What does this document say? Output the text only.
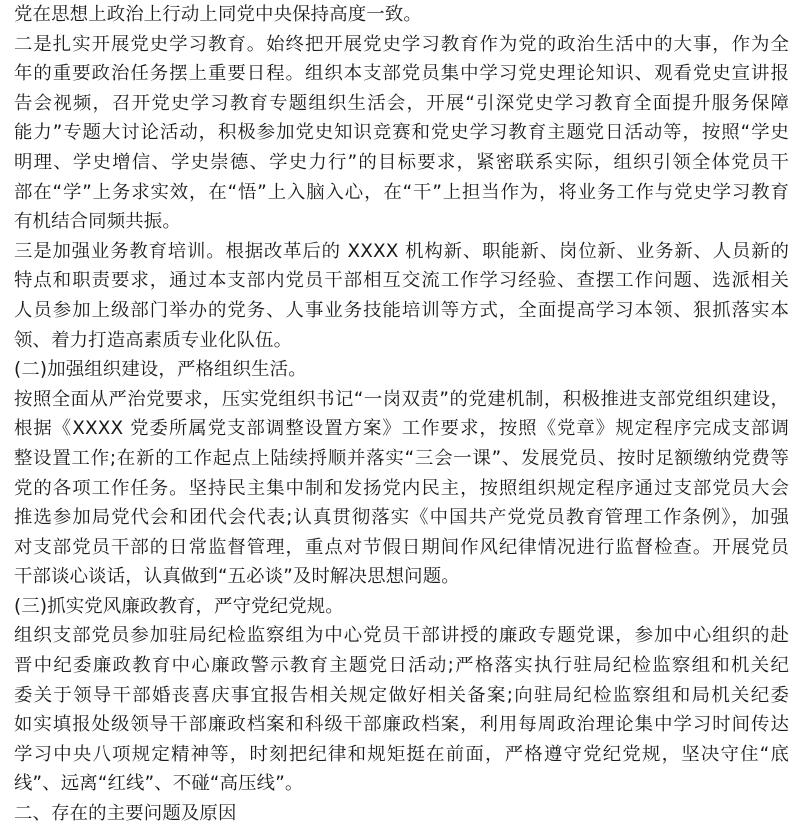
党在思想上政治上行动上同党中央保持高度一致。
二是扎实开展党史学习教育。始终把开展党史学习教育作为党的政治生活中的大事，作为全
年的重要政治任务摆上重要日程。组织本支部党员集中学习党史理论知识、观看党史宣讲报
告会视频，召开党史学习教育专题组织生活会，开展“引深党史学习教育全面提升服务保障
能力”专题大讨论活动，积极参加党史知识竞赛和党史学习教育主题党日活动等，按照“学史
明理、学史增信、学史崇德、学史力行”的目标要求，紧密联系实际，组织引领全体党员干
部在“学”上务求实效，在“悟”上入脑入心，在“干”上担当作为，将业务工作与党史学习教育
有机结合同频共振。
三是加强业务教育培训。根据改革后的 XXXX 机构新、职能新、岗位新、业务新、人员新的
特点和职责要求，通过本支部内党员干部相互交流工作学习经验、查摆工作问题、选派相关
人员参加上级部门举办的党务、人事业务技能培训等方式，全面提高学习本领、狠抓落实本
领、着力打造高素质专业化队伍。
(二)加强组织建设，严格组织生活。
按照全面从严治党要求，压实党组织书记“一岗双责”的党建机制，积极推进支部党组织建设，
根据《XXXX 党委所属党支部调整设置方案》工作要求，按照《党章》规定程序完成支部调
整设置工作;在新的工作起点上陆续捋顺并落实“三会一课”、发展党员、按时足额缴纳党费等
党的各项工作任务。坚持民主集中制和发扬党内民主，按照组织规定程序通过支部党员大会
推选参加局党代会和团代会代表;认真贯彻落实《中国共产党党员教育管理工作条例》，加强
对支部党员干部的日常监督管理，重点对节假日期间作风纪律情况进行监督检查。开展党员
干部谈心谈话，认真做到“五必谈”及时解决思想问题。
(三)抓实党风廉政教育，严守党纪党规。
组织支部党员参加驻局纪检监察组为中心党员干部讲授的廉政专题党课，参加中心组织的赴
晋中纪委廉政教育中心廉政警示教育主题党日活动;严格落实执行驻局纪检监察组和机关纪
委关于领导干部婚丧喜庆事宜报告相关规定做好相关备案;向驻局纪检监察组和局机关纪委
如实填报处级领导干部廉政档案和科级干部廉政档案，利用每周政治理论集中学习时间传达
学习中央八项规定精神等，时刻把纪律和规矩挺在前面，严格遵守党纪党规，坚决守住“底
线”、远离“红线”、不碰“高压线”。
二、存在的主要问题及原因
